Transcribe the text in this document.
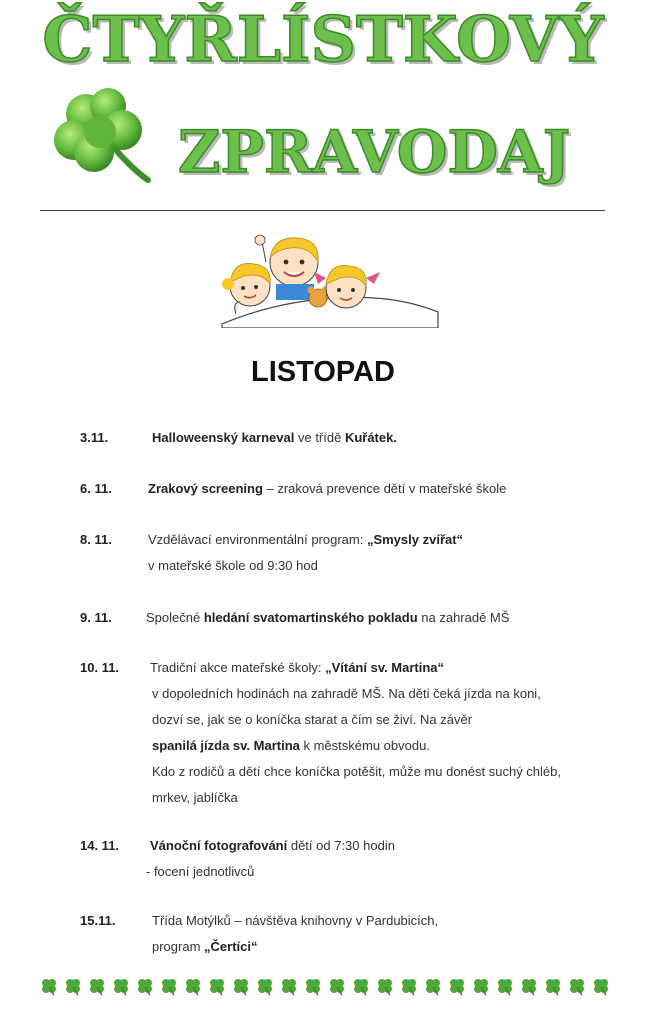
ČTYŘLÍSTKOVÝ
ZPRAVODAJ
LISTOPAD
3.11.	Halloweenský karneval ve třídě Kuřátek.
6. 11.	Zrakový screening – zraková prevence dětí v mateřské škole
8. 11.	Vzdělávací environmentální program: „Smysly zvířat“
v mateřské škole od 9:30 hod
9. 11.	Společné hledání svatomartinského pokladu na zahradě MŠ
10. 11. Tradiční akce mateřské školy: „Vítání sv. Martina“
v dopoledních hodinách na zahradě MŠ. Na děti čeká jízda na koni,
dozví se, jak se o koníčka starat a čím se živí. Na závěr
spanilá jízda sv. Martina k městskému obvodu.
Kdo z rodičů a dětí chce koníčka potěšit, může mu donést suchý chléb,
mrkev, jablíčka
14. 11. Vánoční fotografování dětí od 7:30 hodin
- focení jednotlivců
15.11.	Třída Motýlků – návštěva knihovny v Pardubicích,
program „Čertíci“
